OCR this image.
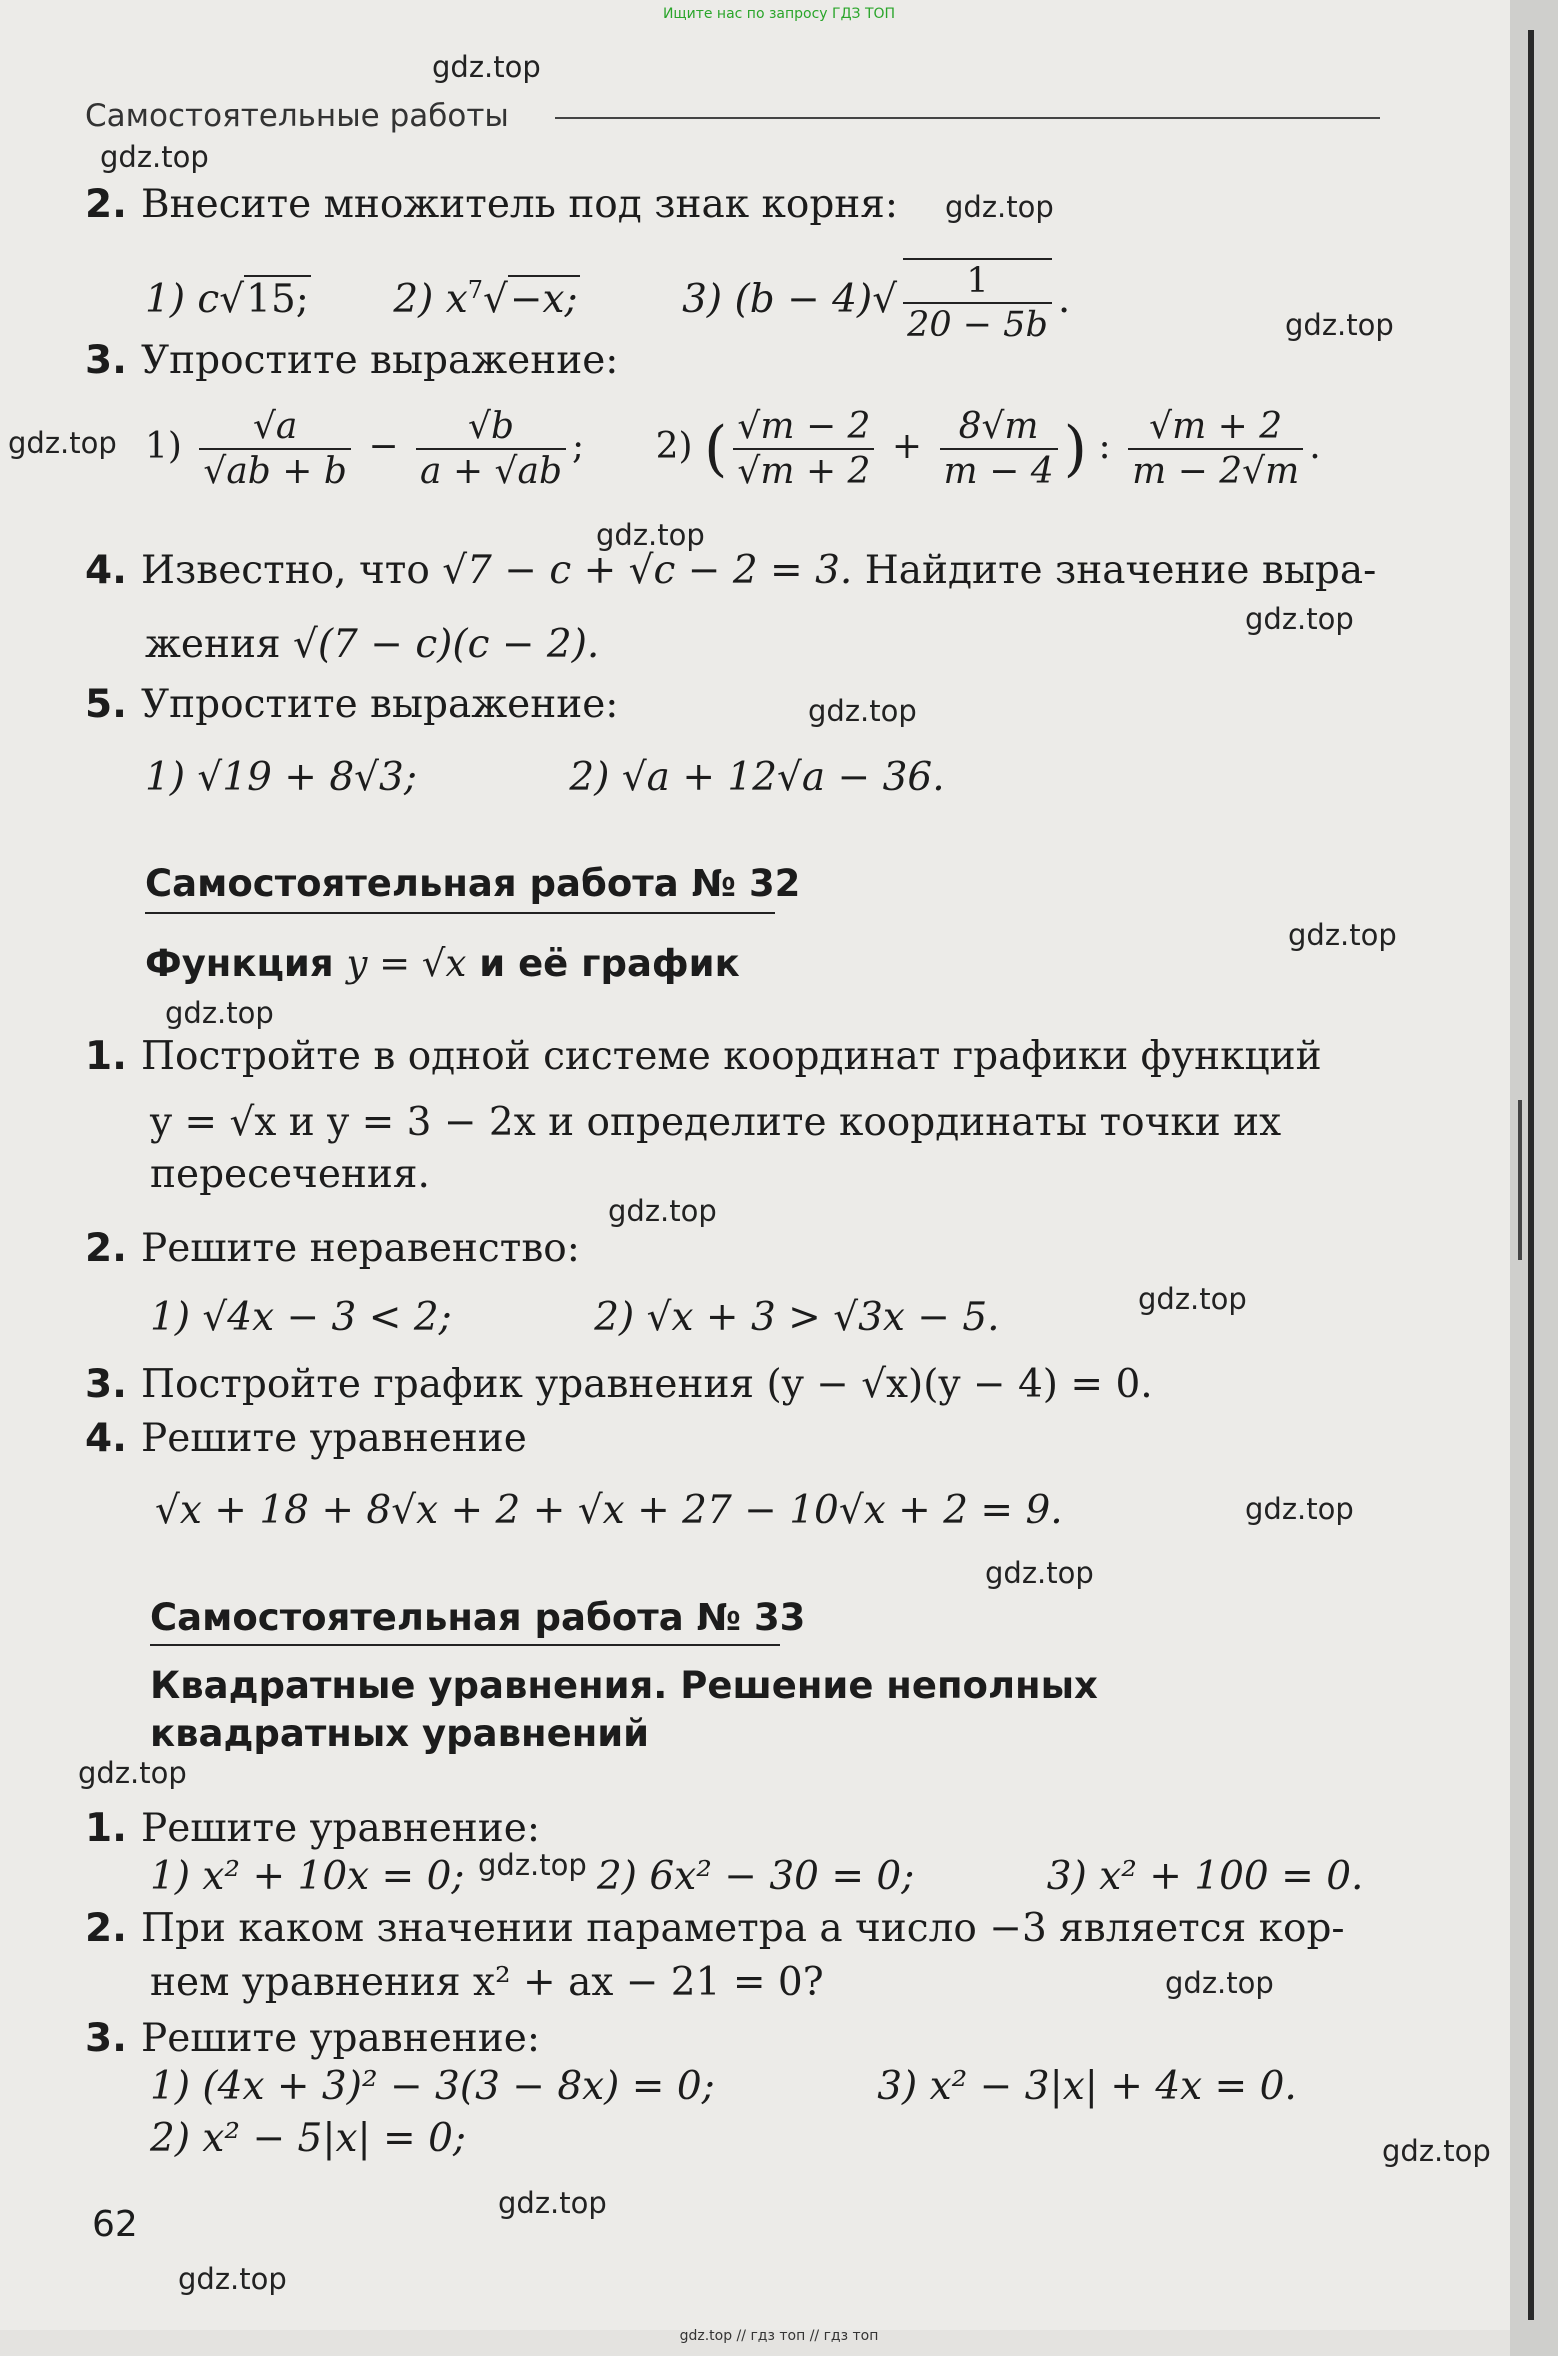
Ищите нас по запросу ГДЗ ТОП
Самостоятельные работы
2. Внесите множитель под знак корня:
1) c√15; 2) $x^7√-x$;	3) $(b - 4)√ \frac{1}{20 - 5b}$ .
3. Упростите выражение:
$1) \frac{√a}{√ab + b} - \frac{√b}{a + √ab}$ ; 2) ( $\frac{√m - 2}{√m + 2} + \frac{8√m}{m - 4}$ ) : $\frac{√m + 2}{m - 2√m}$ .
4. Известно, что √7 − c + √c − 2 = 3. Найдите значение выра-
жения √(7 − c)(c − 2).
5. Упростите выражение:
1) √19 + 8√3;	2) √a + 12√a − 36.
Самостоятельная работа № 32
Функция y = √x и её график
1. Постройте в одной системе координат графики функций
y = √x и y = 3 − 2x и определите координаты точки их
пересечения.
2. Решите неравенство:
1) √4x − 3 < 2;	2) √x + 3 > √3x − 5.
3. Постройте график уравнения (y − √x)(y − 4) = 0.
4. Решите уравнение
√x + 18 + 8√x + 2 + √x + 27 − 10√x + 2 = 9.
Самостоятельная работа № 33
Квадратные уравнения. Решение неполных
квадратных уравнений
1. Решите уравнение:
1) x² + 10x = 0;	2) 6x² − 30 = 0;	3) x² + 100 = 0.
2. При каком значении параметра a число −3 является кор-
нем уравнения x² + ax − 21 = 0?
3. Решите уравнение:
1) (4x + 3)² − 3(3 − 8x) = 0;	3) x² − 3|x| + 4x = 0.
2) x² − 5|x| = 0;
62
gdz.top
gdz.top
gdz.top
gdz.top
gdz.top
gdz.top
gdz.top
gdz.top
gdz.top
gdz.top
gdz.top
gdz.top
gdz.top
gdz.top
gdz.top
gdz.top
gdz.top
gdz.top
gdz.top
gdz.top
gdz.top // гдз топ // гдз топ
